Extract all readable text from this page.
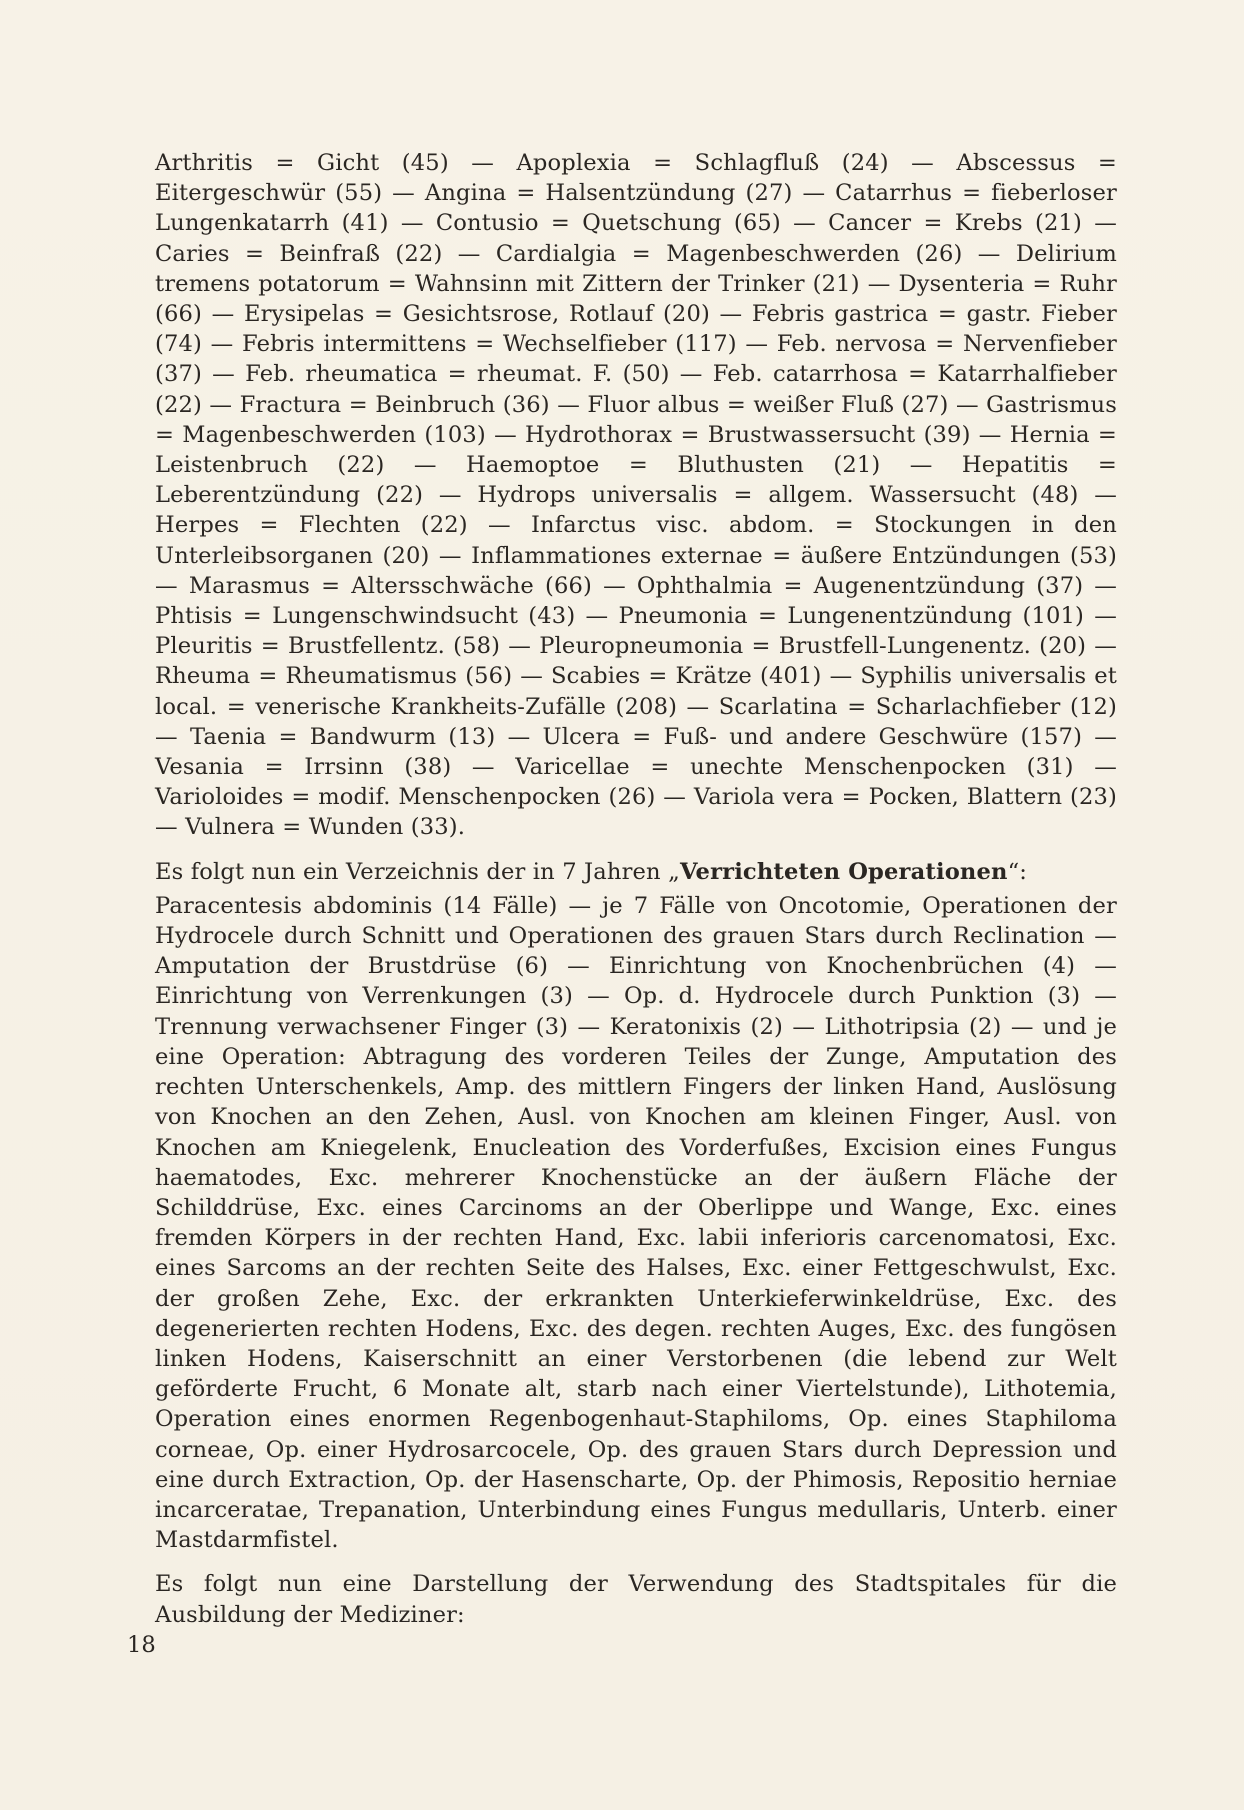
Arthritis = Gicht (45) — Apoplexia = Schlagfluß (24) — Abscessus = Eitergeschwür (55) — Angina = Halsentzündung (27) — Catarrhus = fieberloser Lungenkatarrh (41) — Contusio = Quetschung (65) — Cancer = Krebs (21) — Caries = Beinfraß (22) — Cardialgia = Magenbeschwerden (26) — Delirium tremens potatorum = Wahnsinn mit Zittern der Trinker (21) — Dysenteria = Ruhr (66) — Erysipelas = Gesichtsrose, Rotlauf (20) — Febris gastrica = gastr. Fieber (74) — Febris intermittens = Wechselfieber (117) — Feb. nervosa = Nervenfieber (37) — Feb. rheumatica = rheumat. F. (50) — Feb. catarrhosa = Katarrhalfieber (22) — Fractura = Beinbruch (36) — Fluor albus = weißer Fluß (27) — Gastrismus = Magenbeschwerden (103) — Hydrothorax = Brustwassersucht (39) — Hernia = Leistenbruch (22) — Haemoptoe = Bluthusten (21) — Hepatitis = Leberentzündung (22) — Hydrops universalis = allgem. Wassersucht (48) — Herpes = Flechten (22) — Infarctus visc. abdom. = Stockungen in den Unterleibsorganen (20) — Inflammationes externae = äußere Entzündungen (53) — Marasmus = Altersschwäche (66) — Ophthalmia = Augenentzündung (37) — Phtisis = Lungenschwindsucht (43) — Pneumonia = Lungenentzündung (101) — Pleuritis = Brustfellentz. (58) — Pleuropneumonia = Brustfell-Lungenentz. (20) — Rheuma = Rheumatismus (56) — Scabies = Krätze (401) — Syphilis universalis et local. = venerische Krankheits-Zufälle (208) — Scarlatina = Scharlachfieber (12) — Taenia = Bandwurm (13) — Ulcera = Fuß- und andere Geschwüre (157) — Vesania = Irrsinn (38) — Varicellae = unechte Menschenpocken (31) — Varioloides = modif. Menschenpocken (26) — Variola vera = Pocken, Blattern (23) — Vulnera = Wunden (33).

Es folgt nun ein Verzeichnis der in 7 Jahren „Verrichteten Operationen“:

Paracentesis abdominis (14 Fälle) — je 7 Fälle von Oncotomie, Operationen der Hydrocele durch Schnitt und Operationen des grauen Stars durch Reclination — Amputation der Brustdrüse (6) — Einrichtung von Knochenbrüchen (4) — Einrichtung von Verrenkungen (3) — Op. d. Hydrocele durch Punktion (3) — Trennung verwachsener Finger (3) — Keratonixis (2) — Lithotripsia (2) — und je eine Operation: Abtragung des vorderen Teiles der Zunge, Amputation des rechten Unterschenkels, Amp. des mittlern Fingers der linken Hand, Auslösung von Knochen an den Zehen, Ausl. von Knochen am kleinen Finger, Ausl. von Knochen am Kniegelenk, Enucleation des Vorderfußes, Excision eines Fungus haematodes, Exc. mehrerer Knochenstücke an der äußern Fläche der Schilddrüse, Exc. eines Carcinoms an der Oberlippe und Wange, Exc. eines fremden Körpers in der rechten Hand, Exc. labii inferioris carcenomatosi, Exc. eines Sarcoms an der rechten Seite des Halses, Exc. einer Fettgeschwulst, Exc. der großen Zehe, Exc. der erkrankten Unterkieferwinkeldrüse, Exc. des degenerierten rechten Hodens, Exc. des degen. rechten Auges, Exc. des fungösen linken Hodens, Kaiserschnitt an einer Verstorbenen (die lebend zur Welt geförderte Frucht, 6 Monate alt, starb nach einer Viertelstunde), Lithotemia, Operation eines enormen Regenbogenhaut-Staphiloms, Op. eines Staphiloma corneae, Op. einer Hydrosarcocele, Op. des grauen Stars durch Depression und eine durch Extraction, Op. der Hasenscharte, Op. der Phimosis, Repositio herniae incarceratae, Trepanation, Unterbindung eines Fungus medullaris, Unterb. einer Mastdarmfistel.

Es folgt nun eine Darstellung der Verwendung des Stadtspitales für die Ausbildung der Mediziner:

18
